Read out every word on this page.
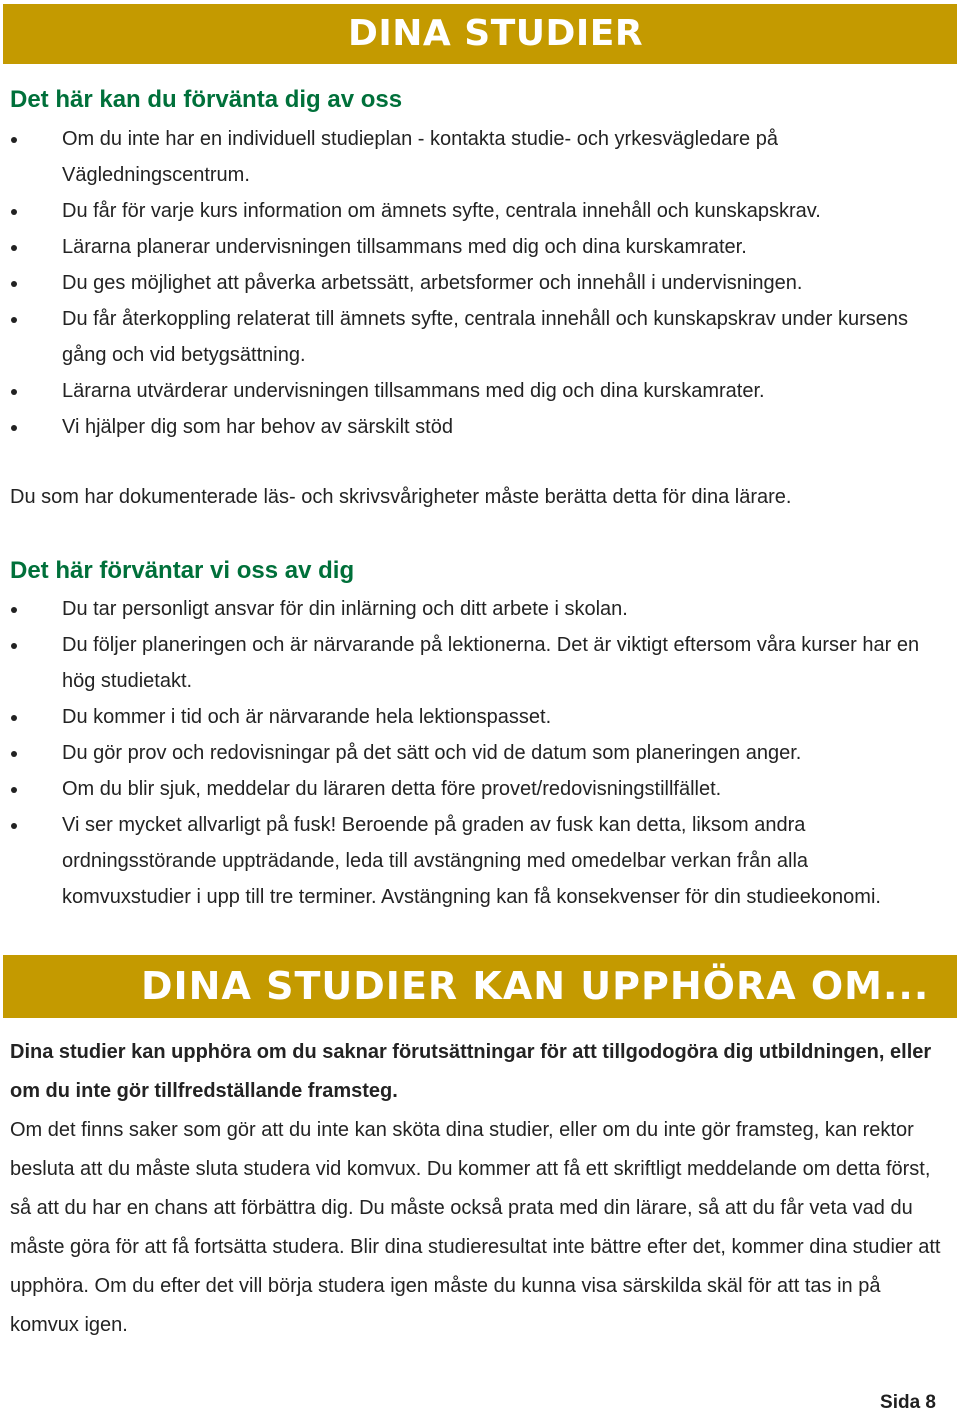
DINA STUDIER
Det här kan du förvänta dig av oss
Om du inte har en individuell studieplan - kontakta studie- och yrkesvägledare på Vägledningscentrum.
Du får för varje kurs information om ämnets syfte, centrala innehåll och kunskapskrav.
Lärarna planerar undervisningen tillsammans med dig och dina kurskamrater.
Du ges möjlighet att påverka arbetssätt, arbetsformer och innehåll i undervisningen.
Du får återkoppling relaterat till ämnets syfte, centrala innehåll och kunskapskrav under kursens gång och vid betygsättning.
Lärarna utvärderar undervisningen tillsammans med dig och dina kurskamrater.
Vi hjälper dig som har behov av särskilt stöd

Du som har dokumenterade läs- och skrivsvårigheter måste berätta detta för dina lärare.

Det här förväntar vi oss av dig
Du tar personligt ansvar för din inlärning och ditt arbete i skolan.
Du följer planeringen och är närvarande på lektionerna. Det är viktigt eftersom våra kurser har en hög studietakt.
Du kommer i tid och är närvarande hela lektionspasset.
Du gör prov och redovisningar på det sätt och vid de datum som planeringen anger.
Om du blir sjuk, meddelar du läraren detta före provet/redovisningstillfället.
Vi ser mycket allvarligt på fusk! Beroende på graden av fusk kan detta, liksom andra ordningsstörande uppträdande, leda till avstängning med omedelbar verkan från alla komvuxstudier i upp till tre terminer. Avstängning kan få konsekvenser för din studieekonomi.
DINA STUDIER KAN UPPHÖRA OM...

Dina studier kan upphöra om du saknar förutsättningar för att tillgodogöra dig utbildningen, eller om du inte gör tillfredställande framsteg.

Om det finns saker som gör att du inte kan sköta dina studier, eller om du inte gör framsteg, kan rektor besluta att du måste sluta studera vid komvux. Du kommer att få ett skriftligt meddelande om detta först, så att du har en chans att förbättra dig. Du måste också prata med din lärare, så att du får veta vad du måste göra för att få fortsätta studera. Blir dina studieresultat inte bättre efter det, kommer dina studier att upphöra. Om du efter det vill börja studera igen måste du kunna visa särskilda skäl för att tas in på komvux igen.

Sida 8
